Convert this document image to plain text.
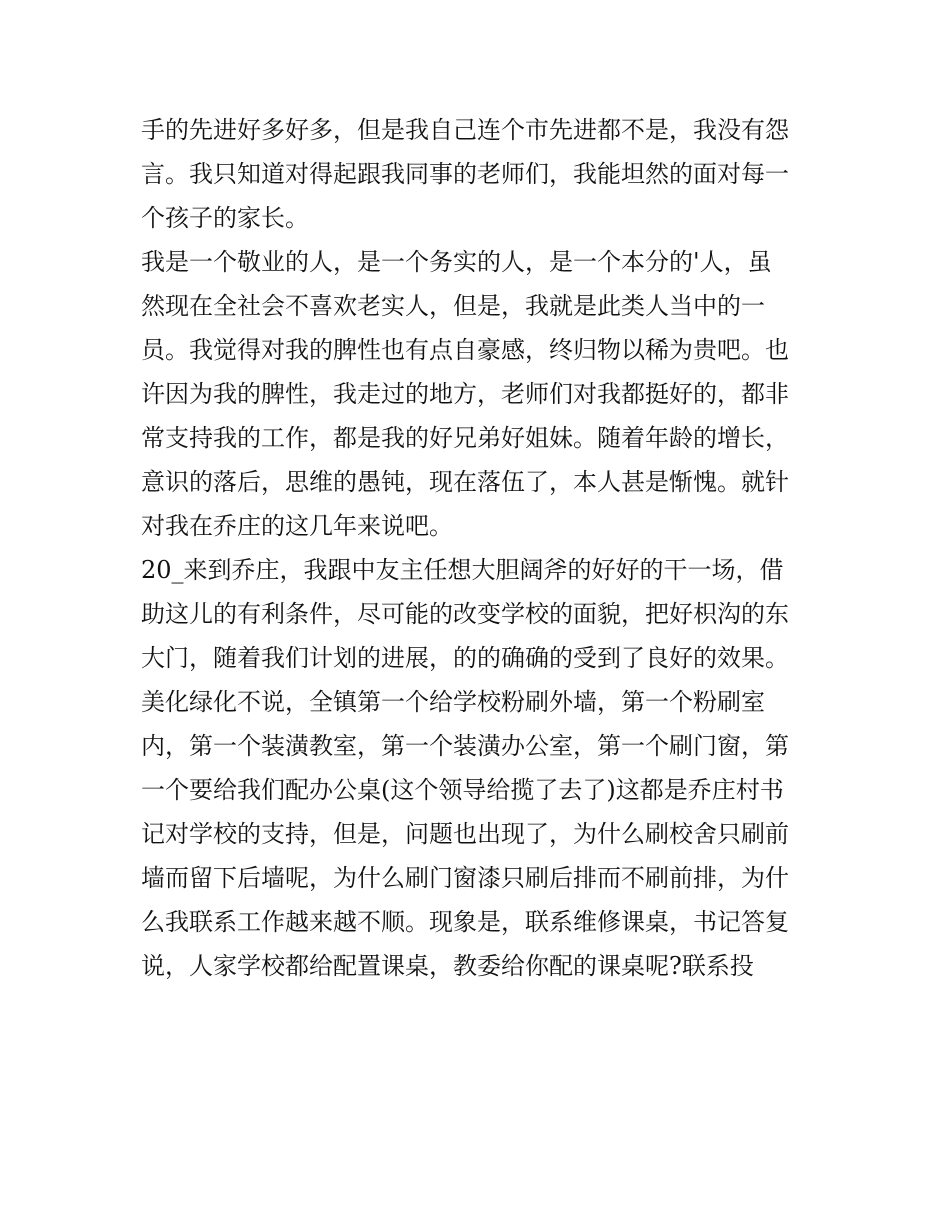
手的先进好多好多，但是我自己连个市先进都不是，我没有怨

言。我只知道对得起跟我同事的老师们，我能坦然的面对每一

个孩子的家长。

我是一个敬业的人，是一个务实的人，是一个本分的'人，虽

然现在全社会不喜欢老实人，但是，我就是此类人当中的一

员。我觉得对我的脾性也有点自豪感，终归物以稀为贵吧。也

许因为我的脾性，我走过的地方，老师们对我都挺好的，都非

常支持我的工作，都是我的好兄弟好姐妹。随着年龄的增长，

意识的落后，思维的愚钝，现在落伍了，本人甚是惭愧。就针

对我在乔庄的这几年来说吧。

20_来到乔庄，我跟中友主任想大胆阔斧的好好的干一场，借

助这儿的有利条件，尽可能的改变学校的面貌，把好枳沟的东

大门，随着我们计划的进展，的的确确的受到了良好的效果。

美化绿化不说，全镇第一个给学校粉刷外墙，第一个粉刷室

内，第一个装潢教室，第一个装潢办公室，第一个刷门窗，第

一个要给我们配办公桌(这个领导给揽了去了)这都是乔庄村书

记对学校的支持，但是，问题也出现了，为什么刷校舍只刷前

墙而留下后墙呢，为什么刷门窗漆只刷后排而不刷前排，为什

么我联系工作越来越不顺。现象是，联系维修课桌，书记答复

说，人家学校都给配置课桌，教委给你配的课桌呢?联系投
